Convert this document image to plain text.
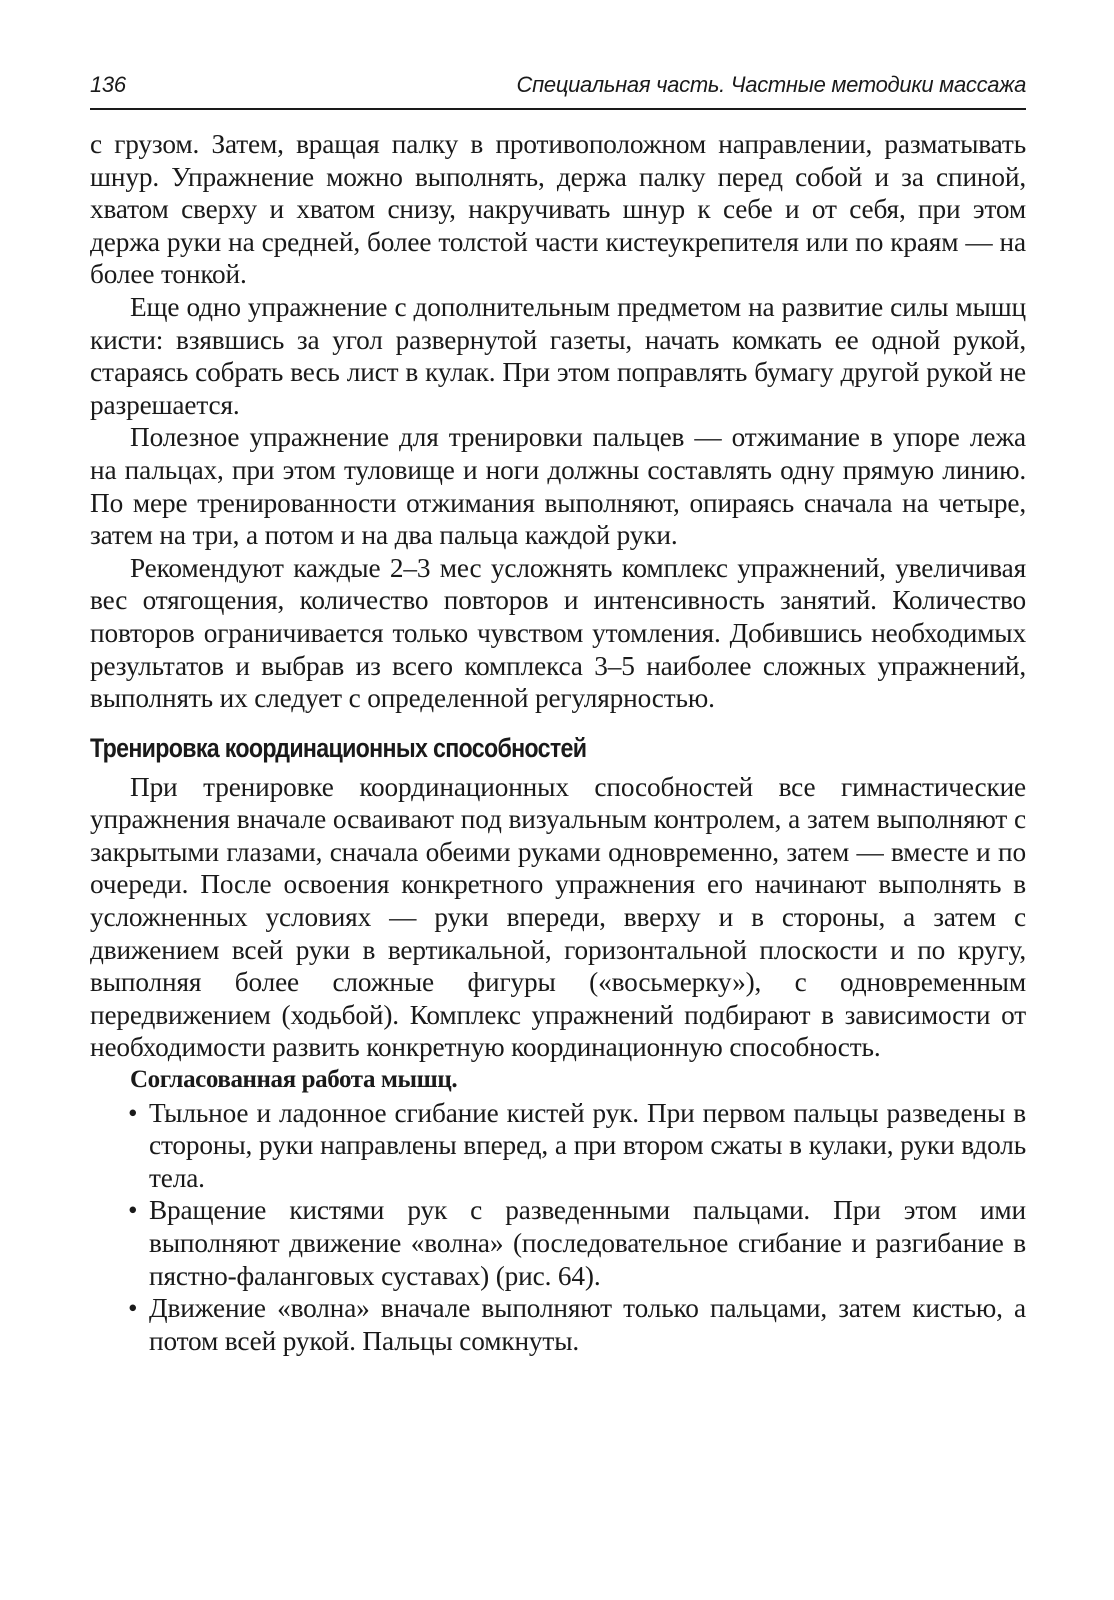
136	Специальная часть. Частные методики массажа

с грузом. Затем, вращая палку в противоположном направлении, разматывать шнур. Упражнение можно выполнять, держа палку перед собой и за спиной, хватом сверху и хватом снизу, накручивать шнур к себе и от себя, при этом держа руки на средней, более толстой части кистеукрепителя или по краям — на более тонкой.

Еще одно упражнение с дополнительным предметом на развитие силы мышц кисти: взявшись за угол развернутой газеты, начать комкать ее одной рукой, стараясь собрать весь лист в кулак. При этом поправлять бумагу другой рукой не разрешается.

Полезное упражнение для тренировки пальцев — отжимание в упоре лежа на пальцах, при этом туловище и ноги должны составлять одну прямую линию. По мере тренированности отжимания выполняют, опираясь сначала на четыре, затем на три, а потом и на два пальца каждой руки.

Рекомендуют каждые 2–3 мес усложнять комплекс упражнений, увеличивая вес отягощения, количество повторов и интенсивность занятий. Количество повторов ограничивается только чувством утомления. Добившись необходимых результатов и выбрав из всего комплекса 3–5 наиболее сложных упражнений, выполнять их следует с определенной регулярностью.

Тренировка координационных способностей

При тренировке координационных способностей все гимнастические упражнения вначале осваивают под визуальным контролем, а затем выполняют с закрытыми глазами, сначала обеими руками одновременно, затем — вместе и по очереди. После освоения конкретного упражнения его начинают выполнять в усложненных условиях — руки впереди, вверху и в стороны, а затем с движением всей руки в вертикальной, горизонтальной плоскости и по кругу, выполняя более сложные фигуры («восьмерку»), с одновременным передвижением (ходьбой). Комплекс упражнений подбирают в зависимости от необходимости развить конкретную координационную способность.

Согласованная работа мышц.
• Тыльное и ладонное сгибание кистей рук. При первом пальцы разведены в стороны, руки направлены вперед, а при втором сжаты в кулаки, руки вдоль тела.
• Вращение кистями рук с разведенными пальцами. При этом ими выполняют движение «волна» (последовательное сгибание и разгибание в пястно-фаланговых суставах) (рис. 64).
• Движение «волна» вначале выполняют только пальцами, затем кистью, а потом всей рукой. Пальцы сомкнуты.
